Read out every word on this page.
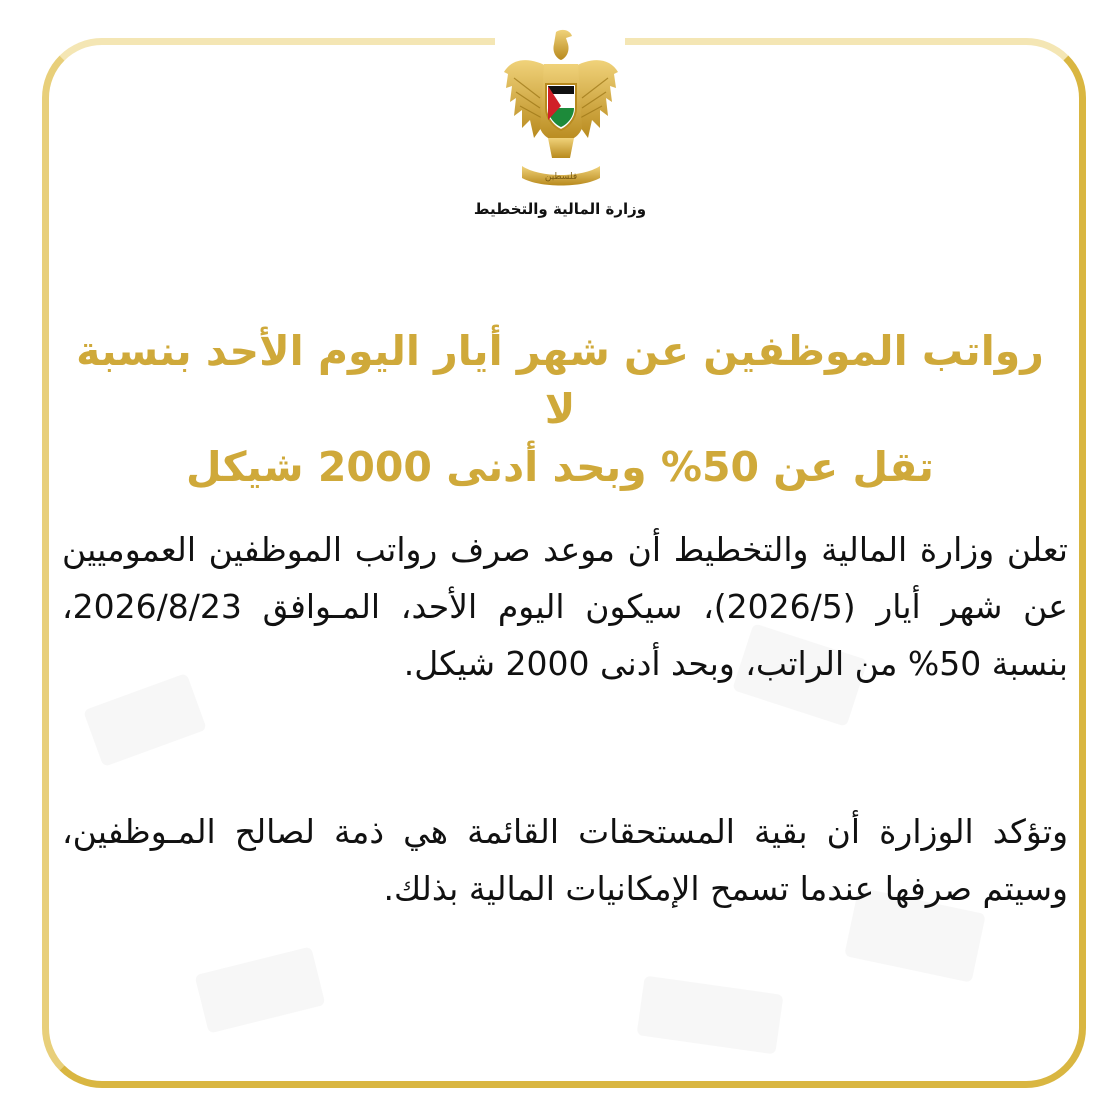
فلسطين
وزارة المالية والتخطيط
رواتب الموظفين عن شهر أيار اليوم الأحد بنسبة لا
تقل عن 50% وبحد أدنى 2000 شيكل
تعلن وزارة المالية والتخطيط أن موعد صرف رواتب الموظفين العموميين عن شهر أيار (2026/5)، سيكون اليوم الأحد، المـوافق 2026/8/23، بنسبة 50% من الراتب، وبحد أدنى 2000 شيكل.
وتؤكد الوزارة أن بقية المستحقات القائمة هي ذمة لصالح المـوظفين، وسيتم صرفها عندما تسمح الإمكانيات المالية بذلك.
